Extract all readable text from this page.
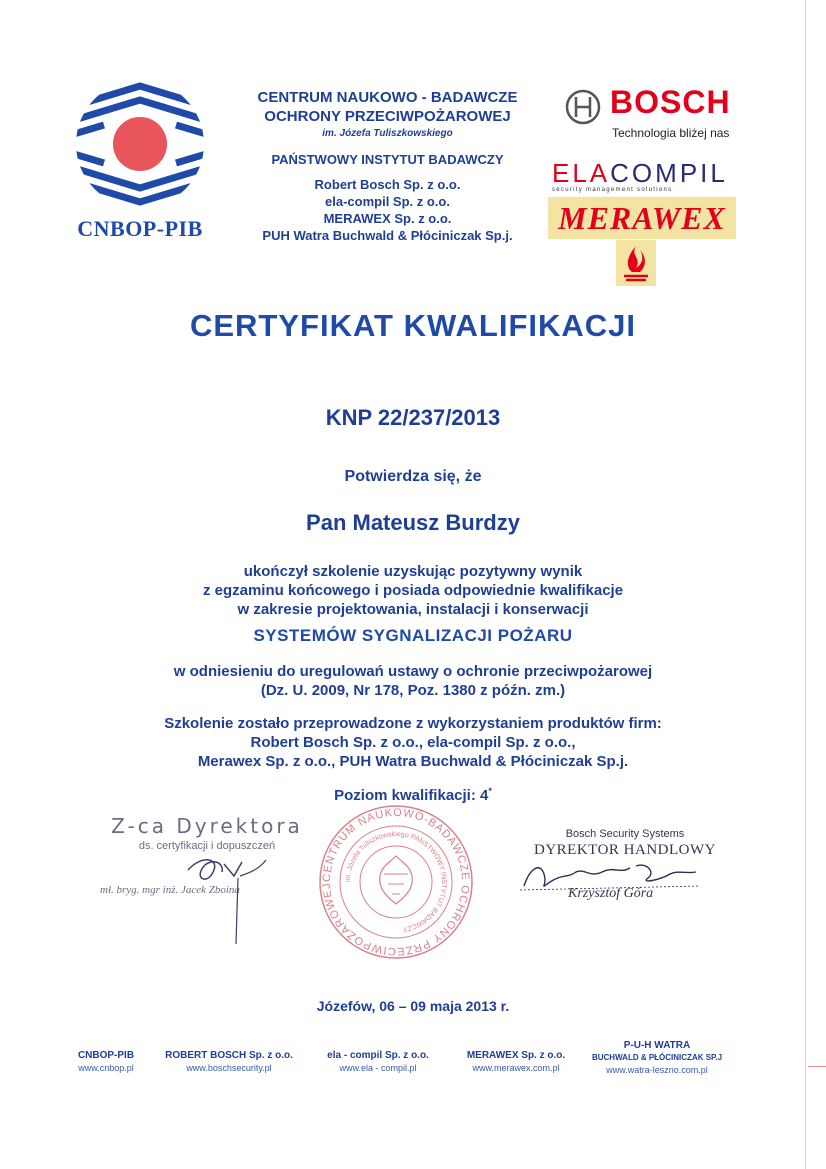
CNBOP-PIB
CENTRUM NAUKOWO - BADAWCZE
OCHRONY PRZECIWPOŻAROWEJ
im. Józefa Tuliszkowskiego
PAŃSTWOWY INSTYTUT BADAWCZY
Robert Bosch Sp. z o.o.
ela-compil Sp. z o.o.
MERAWEX Sp. z o.o.
PUH Watra Buchwald & Płóciniczak Sp.j.
BOSCH
Technologia bliżej nas
ELACOMPIL
security management solutions
MERAWEX
CERTYFIKAT KWALIFIKACJI
KNP 22/237/2013
Potwierdza się, że
Pan Mateusz Burdzy
ukończył szkolenie uzyskując pozytywny wynik
z egzaminu końcowego i posiada odpowiednie kwalifikacje
w zakresie projektowania, instalacji i konserwacji
SYSTEMÓW SYGNALIZACJI POŻARU
w odniesieniu do uregulowań ustawy o ochronie przeciwpożarowej
(Dz. U. 2009, Nr 178, Poz. 1380 z późn. zm.)
Szkolenie zostało przeprowadzone z wykorzystaniem produktów firm:
Robert Bosch Sp. z o.o., ela-compil Sp. z o.o.,
Merawex Sp. z o.o., PUH Watra Buchwald & Płóciniczak Sp.j.
Poziom kwalifikacji: 4*
Z-ca Dyrektora
ds. certyfikacji i dopuszczeń
mł. bryg. mgr inż. Jacek Zboina
CENTRUM NAUKOWO-BADAWCZE OCHRONY PRZECIWPOŻAROWEJ
im. Józefa Tuliszkowskiego PAŃSTWOWY INSTYTUT BADAWCZY
Bosch Security Systems
DYREKTOR HANDLOWY
Krzysztof Góra
Józefów, 06 – 09 maja 2013 r.
CNBOP-PIB
www.cnbop.pl
ROBERT BOSCH Sp. z o.o.
www.boschsecurity.pl
ela - compil Sp. z o.o.
www.ela - compil.pl
MERAWEX Sp. z o.o.
www.merawex.com.pl
P-U-H WATRA
BUCHWALD & PŁÓCINICZAK SP.J
www.watra-leszno.com.pl
